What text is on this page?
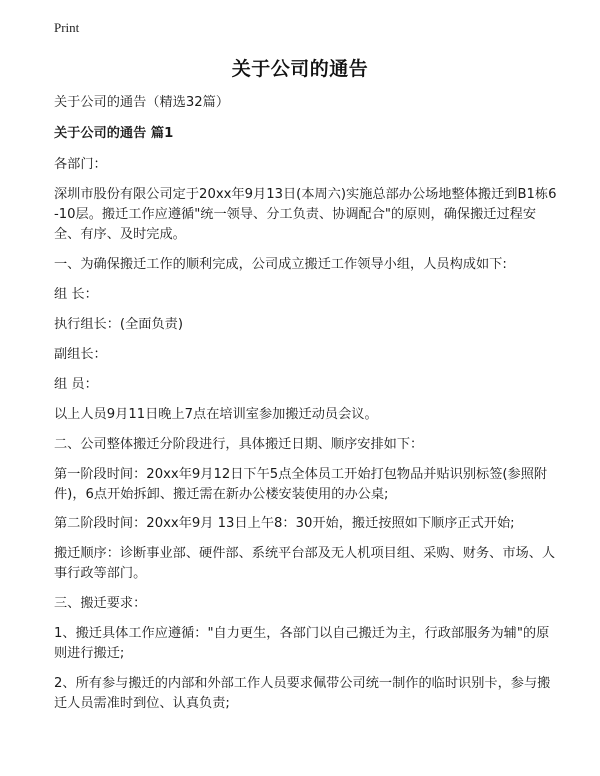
Print
关于公司的通告

关于公司的通告（精选32篇）

关于公司的通告 篇1

各部门：

深圳市股份有限公司定于20xx年9月13日(本周六)实施总部办公场地整体搬迁到B1栋6-10层。搬迁工作应遵循"统一领导、分工负责、协调配合"的原则，确保搬迁过程安全、有序、及时完成。

一、为确保搬迁工作的顺利完成，公司成立搬迁工作领导小组，人员构成如下:

组 长：

执行组长：(全面负责)

副组长：

组 员：

以上人员9月11日晚上7点在培训室参加搬迁动员会议。

二、公司整体搬迁分阶段进行，具体搬迁日期、顺序安排如下：

第一阶段时间：20xx年9月12日下午5点全体员工开始打包物品并贴识别标签(参照附件)，6点开始拆卸、搬迁需在新办公楼安装使用的办公桌;

第二阶段时间：20xx年9月 13日上午8：30开始，搬迁按照如下顺序正式开始;

搬迁顺序：诊断事业部、硬件部、系统平台部及无人机项目组、采购、财务、市场、人事行政等部门。

三、搬迁要求：

1、搬迁具体工作应遵循："自力更生，各部门以自己搬迁为主，行政部服务为辅"的原则进行搬迁;

2、所有参与搬迁的内部和外部工作人员要求佩带公司统一制作的临时识别卡，参与搬迁人员需准时到位、认真负责;
